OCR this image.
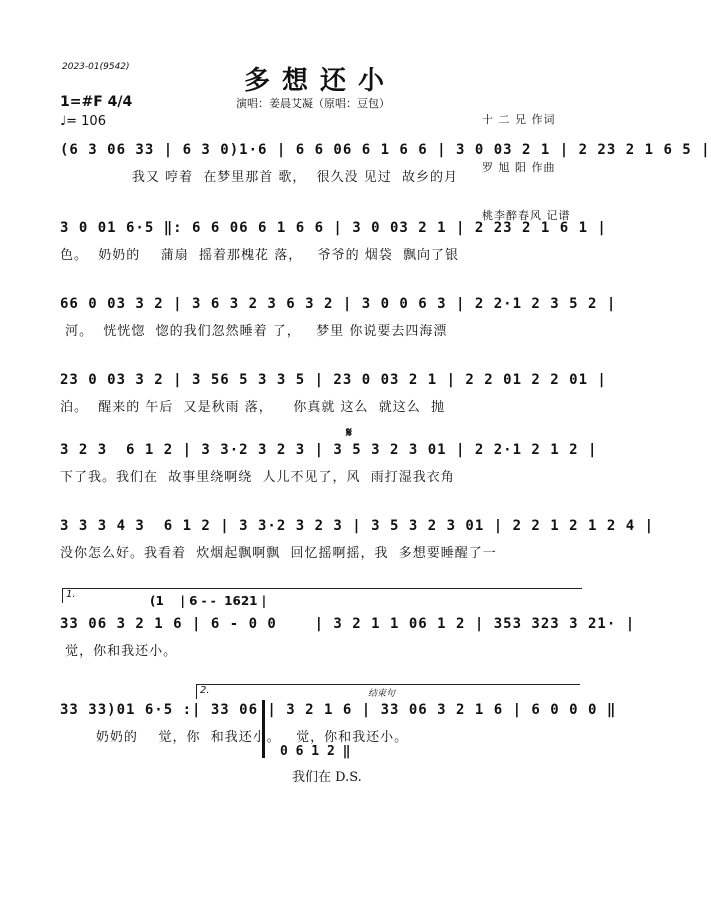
2023-01(9542)	多想还小
演唱：姜晨艾凝（原唱：豆包）

十 二 兄 作词

罗 旭 阳 作曲

桃李醉春风 记谱

1=#F 4/4
♩= 106
(6 3 06 33 | 6 3 0)1·6 | 6 6 06 6 1 6 6 | 3 0 03 2 1 | 2 23 2 1 6 5 |
我又 哼着  在梦里那首 歌，  很久没 见过  故乡的月
3 0 01 6·5 ‖: 6 6 06 6 1 6 6 | 3 0 03 2 1 | 2 23 2 1 6 1 |
色。  奶奶的    蒲扇  摇着那槐花 落，   爷爷的 烟袋  飘向了银
66 0 03 3 2 | 3 6 3 2 3 6 3 2 | 3 0 0 6 3 | 2 2·1 2 3 5 2 |
河。  恍恍惚  惚的我们忽然睡着 了，   梦里 你说要去四海漂
23 0 03 3 2 | 3 56 5 3 3 5 | 23 0 03 2 1 | 2 2 01 2 2 01 |
泊。  醒来的 午后  又是秋雨 落，    你真就 这么  就这么  抛
𝄋
3 2 3  6 1 2 | 3 3·2 3 2 3 | 3 5 3 2 3 01 | 2 2·1 2 1 2 |
下了我。我们在  故事里绕啊绕  人儿不见了，风  雨打湿我衣角
3 3 3 4 3  6 1 2 | 3 3·2 3 2 3 | 3 5 3 2 3 01 | 2 2 1 2 1 2 4 |
没你怎么好。我看着  炊烟起飘啊飘  回忆摇啊摇，我  多想要睡醒了一
1.	(1    | 6 - -  1621 |
33 06 3 2 1 6 | 6 - 0 0    | 3 2 1 1 06 1 2 | 353 323 3 21· |
觉，你和我还小。
2.	结束句
33 33)01 6·5 :| 33 06 | 3 2 1 6 | 33 06 3 2 1 6 | 6 0 0 0 ‖
奶奶的    觉，你  和我还小。   觉，你和我还小。
0 6 1 2 ‖
我们在 D.S.
